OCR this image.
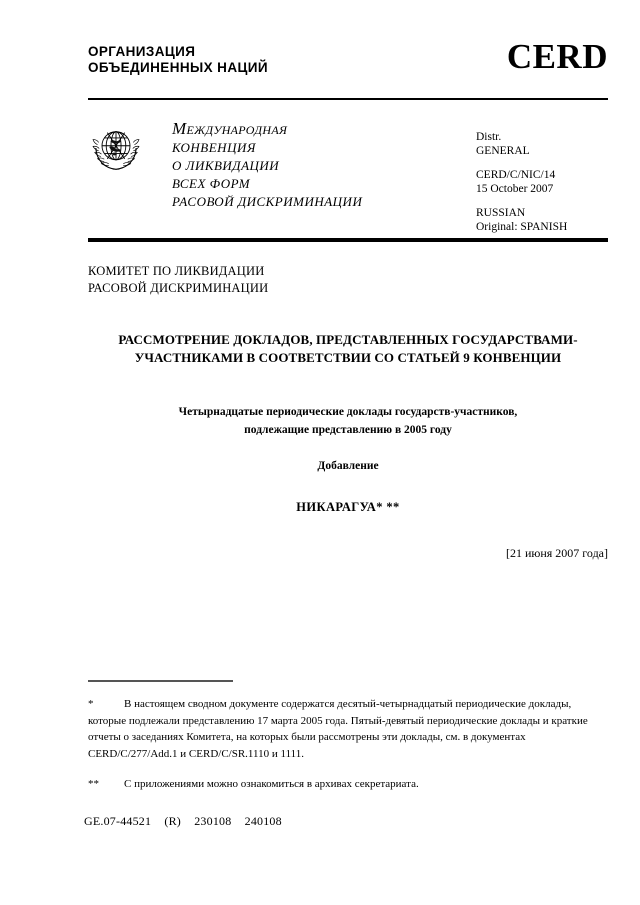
ОРГАНИЗАЦИЯ
ОБЪЕДИНЕННЫХ НАЦИЙ	CERD
Международная
КОНВЕНЦИЯ
О ЛИКВИДАЦИИ
ВСЕХ ФОРМ
РАСОВОЙ ДИСКРИМИНАЦИИ
Distr.
GENERAL
CERD/C/NIC/14
15 October 2007
RUSSIAN
Original: SPANISH
КОМИТЕТ ПО ЛИКВИДАЦИИ
РАСОВОЙ ДИСКРИМИНАЦИИ
РАССМОТРЕНИЕ ДОКЛАДОВ, ПРЕДСТАВЛЕННЫХ ГОСУДАРСТВАМИ-
УЧАСТНИКАМИ В СООТВЕТСТВИИ СО СТАТЬЕЙ 9 КОНВЕНЦИИ
Четырнадцатые периодические доклады государств-участников,
подлежащие представлению в 2005 году
Добавление
НИКАРАГУА* **
[21 июня 2007 года]
*	В настоящем сводном документе содержатся десятый-четырнадцатый периодические доклады, которые подлежали представлению 17 марта 2005 года. Пятый-девятый периодические доклады и краткие отчеты о заседаниях Комитета, на которых были рассмотрены эти доклады, см. в документах CERD/C/277/Add.1 и CERD/C/SR.1110 и 1111.
** С приложениями можно ознакомиться в архивах секретариата.
GE.07-44521 (R) 230108 240108
